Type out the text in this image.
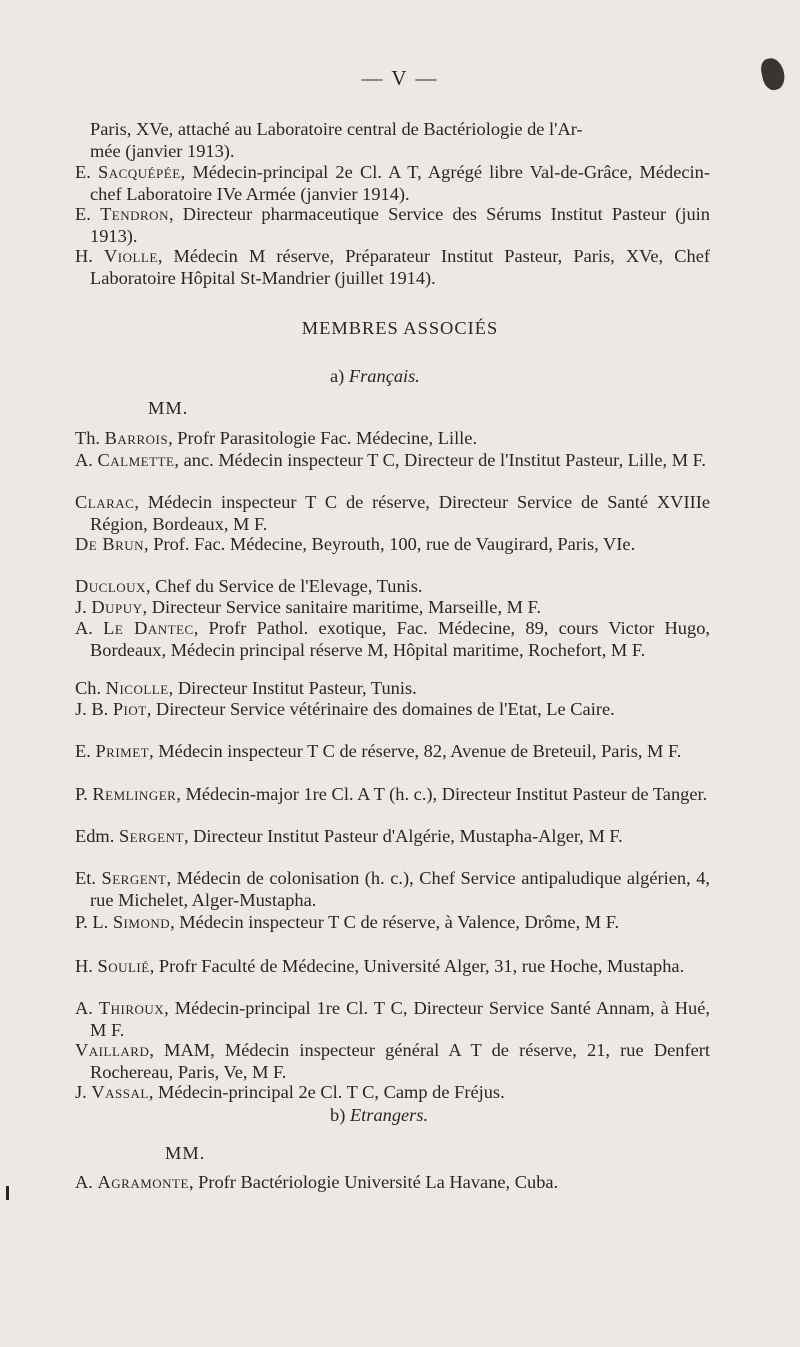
— V —
Paris, XVe, attaché au Laboratoire central de Bactériologie de l'Ar-
mée (janvier 1913).
E. Sacquépée, Médecin-principal 2e Cl. A T, Agrégé libre Val-de-Grâce, Médecin-chef Laboratoire IVe Armée (janvier 1914).
E. Tendron, Directeur pharmaceutique Service des Sérums Institut Pasteur (juin 1913).
H. Violle, Médecin M réserve, Préparateur Institut Pasteur, Paris, XVe, Chef Laboratoire Hôpital St-Mandrier (juillet 1914).
MEMBRES ASSOCIÉS
a) Français.
MM.
Th. Barrois, Profr Parasitologie Fac. Médecine, Lille.
A. Calmette, anc. Médecin inspecteur T C, Directeur de l'Institut Pasteur, Lille, M F.
Clarac, Médecin inspecteur T C de réserve, Directeur Service de Santé XVIIIe Région, Bordeaux, M F.
De Brun, Prof. Fac. Médecine, Beyrouth, 100, rue de Vaugirard, Paris, VIe.
Ducloux, Chef du Service de l'Elevage, Tunis.
J. Dupuy, Directeur Service sanitaire maritime, Marseille, M F.
A. Le Dantec, Profr Pathol. exotique, Fac. Médecine, 89, cours Victor Hugo, Bordeaux, Médecin principal réserve M, Hôpital maritime, Rochefort, M F.
Ch. Nicolle, Directeur Institut Pasteur, Tunis.
J. B. Piot, Directeur Service vétérinaire des domaines de l'Etat, Le Caire.
E. Primet, Médecin inspecteur T C de réserve, 82, Avenue de Breteuil, Paris, M F.
P. Remlinger, Médecin-major 1re Cl. A T (h. c.), Directeur Institut Pasteur de Tanger.
Edm. Sergent, Directeur Institut Pasteur d'Algérie, Mustapha-Alger, M F.
Et. Sergent, Médecin de colonisation (h. c.), Chef Service antipaludique algérien, 4, rue Michelet, Alger-Mustapha.
P. L. Simond, Médecin inspecteur T C de réserve, à Valence, Drôme, M F.
H. Soulié, Profr Faculté de Médecine, Université Alger, 31, rue Hoche, Mustapha.
A. Thiroux, Médecin-principal 1re Cl. T C, Directeur Service Santé Annam, à Hué, M F.
Vaillard, MAM, Médecin inspecteur général A T de réserve, 21, rue Denfert Rochereau, Paris, Ve, M F.
J. Vassal, Médecin-principal 2e Cl. T C, Camp de Fréjus.
b) Etrangers.
MM.
A. Agramonte, Profr Bactériologie Université La Havane, Cuba.
